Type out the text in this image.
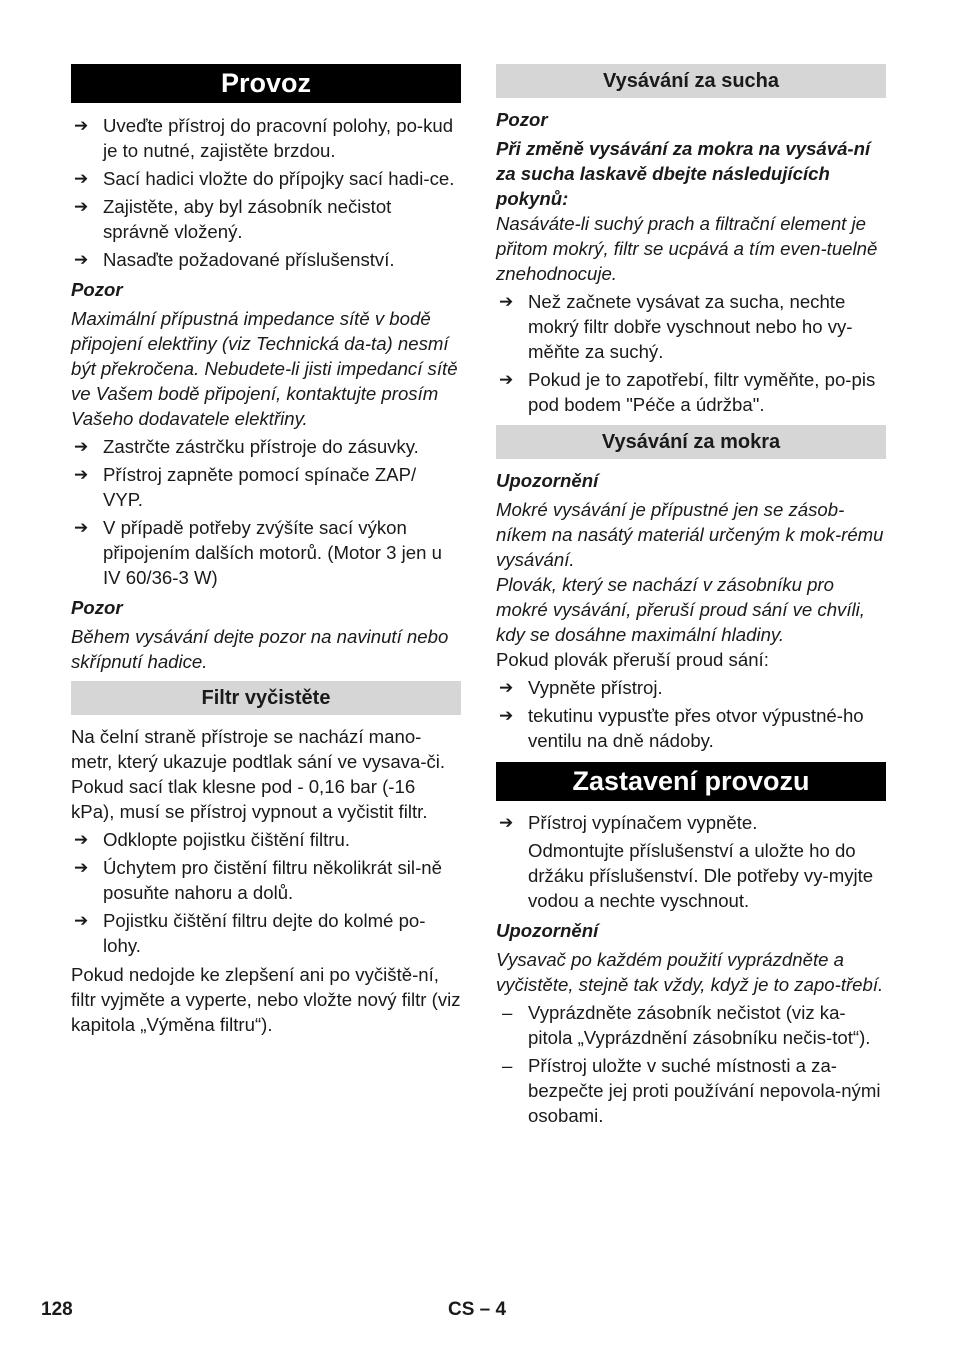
Provoz
➔ Uveďte přístroj do pracovní polohy, po-kud je to nutné, zajistěte brzdou.
➔ Sací hadici vložte do přípojky sací hadi-ce.
➔ Zajistěte, aby byl zásobník nečistot správně vložený.
➔ Nasaďte požadované příslušenství.

Pozor

Maximální přípustná impedance sítě v bodě připojení elektřiny (viz Technická da-ta) nesmí být překročena. Nebudete-li jisti impedancí sítě ve Vašem bodě připojení, kontaktujte prosím Vašeho dodavatele elektřiny.

➔ Zastrčte zástrčku přístroje do zásuvky.
➔ Přístroj zapněte pomocí spínače ZAP/ VYP.
➔ V případě potřeby zvýšíte sací výkon připojením dalších motorů. (Motor 3 jen u IV 60/36-3 W)

Pozor

Během vysávání dejte pozor na navinutí nebo skřípnutí hadice.

Filtr vyčistěte

Na čelní straně přístroje se nachází mano-metr, který ukazuje podtlak sání ve vysava-či. Pokud sací tlak klesne pod - 0,16 bar (-16 kPa), musí se přístroj vypnout a vyčistit filtr.

➔ Odklopte pojistku čištění filtru.
➔ Úchytem pro čistění filtru několikrát sil-ně posuňte nahoru a dolů.
➔ Pojistku čištění filtru dejte do kolmé po-lohy.

Pokud nedojde ke zlepšení ani po vyčiště-ní, filtr vyjměte a vyperte, nebo vložte nový filtr (viz kapitola „Výměna filtru“).

Vysávání za sucha

Pozor

Při změně vysávání za mokra na vysává-ní za sucha laskavě dbejte následujících pokynů:

Nasáváte-li suchý prach a filtrační element je přitom mokrý, filtr se ucpává a tím even-tuelně znehodnocuje.

➔ Než začnete vysávat za sucha, nechte mokrý filtr dobře vyschnout nebo ho vy-měňte za suchý.
➔ Pokud je to zapotřebí, filtr vyměňte, po-pis pod bodem "Péče a údržba".
Vysávání za mokra

Upozornění

Mokré vysávání je přípustné jen se zásob-níkem na nasátý materiál určeným k mok-rému vysávání.

Plovák, který se nachází v zásobníku pro mokré vysávání, přeruší proud sání ve chvíli, kdy se dosáhne maximální hladiny.

Pokud plovák přeruší proud sání:

➔ Vypněte přístroj.
➔ tekutinu vypusťte přes otvor výpustné-ho ventilu na dně nádoby.
Zastavení provozu
➔ Přístroj vypínačem vypněte.

Odmontujte příslušenství a uložte ho do držáku příslušenství. Dle potřeby vy-myjte vodou a nechte vyschnout.

Upozornění

Vysavač po každém použití vyprázdněte a vyčistěte, stejně tak vždy, když je to zapo-třebí.

– Vyprázdněte zásobník nečistot (viz ka-pitola „Vyprázdnění zásobníku nečis-tot“).
– Přístroj uložte v suché místnosti a za-bezpečte jej proti používání nepovola-nými osobami.
128	CS – 4
